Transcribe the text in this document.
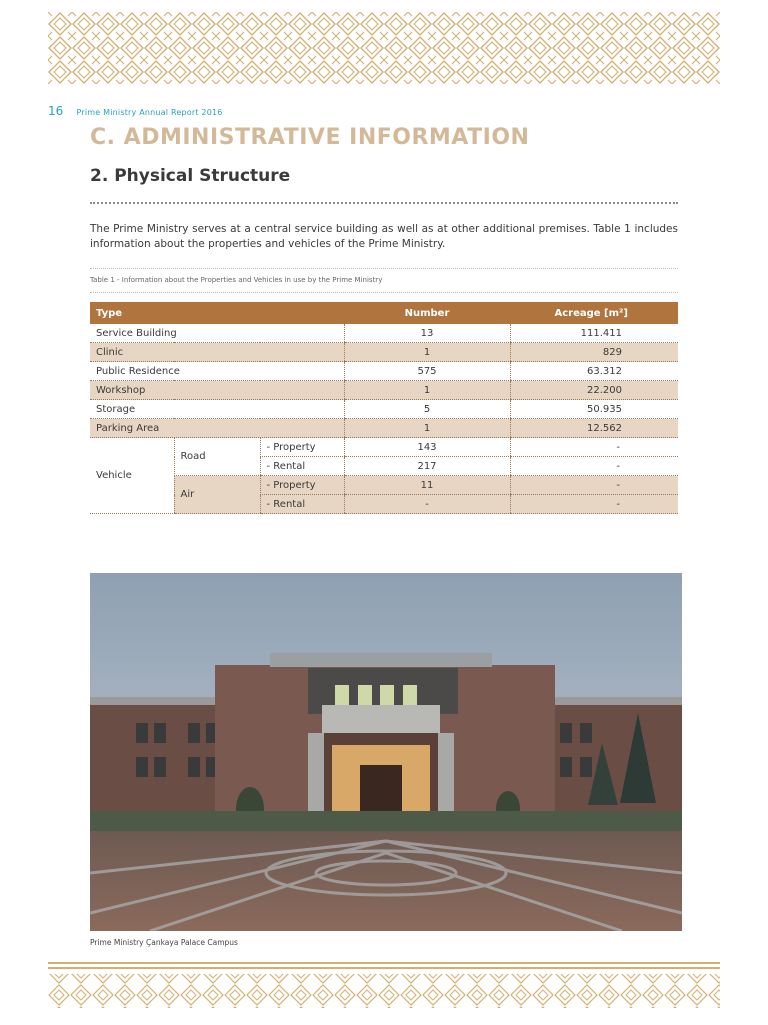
16 Prime Ministry Annual Report 2016
C. ADMINISTRATIVE INFORMATION
2. Physical Structure

The Prime Ministry serves at a central service building as well as at other additional premises. Table 1 includes information about the properties and vehicles of the Prime Ministry.

Table 1 - Information about the Properties and Vehicles in use by the Prime Ministry
Type			Number	Acreage [m²]
Service Building			13	111.411
Clinic			1	829
Public Residence			575	63.312
Workshop			1	22.200
Storage			5	50.935
Parking Area			1	12.562
Vehicle	Road	- Property	143	-
		- Rental	217	-
	Air	- Property	11	-
		- Rental	-	-
Prime Ministry Çankaya Palace Campus
